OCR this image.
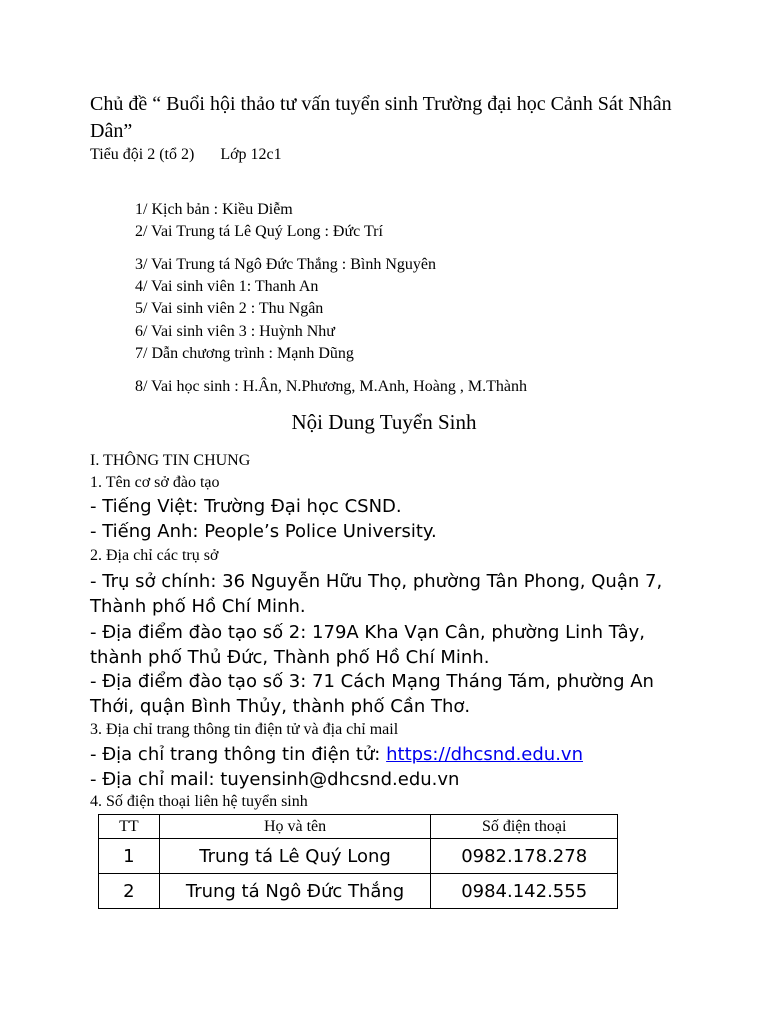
Chủ đề “ Buổi hội thảo tư vấn tuyển sinh Trường đại học Cảnh Sát Nhân
Dân”
Tiểu đội 2 (tổ 2) Lớp 12c1
1/ Kịch bản : Kiều Diễm
2/ Vai Trung tá Lê Quý Long : Đức Trí
3/ Vai Trung tá Ngô Đức Thắng : Bình Nguyên
4/ Vai sinh viên 1: Thanh An
5/ Vai sinh viên 2 : Thu Ngân
6/ Vai sinh viên 3 : Huỳnh Như
7/ Dẫn chương trình : Mạnh Dũng
8/ Vai học sinh : H.Ân, N.Phương, M.Anh, Hoàng , M.Thành
Nội Dung Tuyển Sinh
I. THÔNG TIN CHUNG
1. Tên cơ sở đào tạo
- Tiếng Việt: Trường Đại học CSND.
- Tiếng Anh: People’s Police University.
2. Địa chỉ các trụ sở
- Trụ sở chính: 36 Nguyễn Hữu Thọ, phường Tân Phong, Quận 7,
Thành phố Hồ Chí Minh.
- Địa điểm đào tạo số 2: 179A Kha Vạn Cân, phường Linh Tây,
thành phố Thủ Đức, Thành phố Hồ Chí Minh.
- Địa điểm đào tạo số 3: 71 Cách Mạng Tháng Tám, phường An
Thới, quận Bình Thủy, thành phố Cần Thơ.
3. Địa chỉ trang thông tin điện tử và địa chỉ mail
- Địa chỉ trang thông tin điện tử: https://dhcsnd.edu.vn
- Địa chỉ mail: tuyensinh@dhcsnd.edu.vn
4. Số điện thoại liên hệ tuyển sinh
TT	Họ và tên	Số điện thoại
1	Trung tá Lê Quý Long	0982.178.278
2	Trung tá Ngô Đức Thắng	0984.142.555
